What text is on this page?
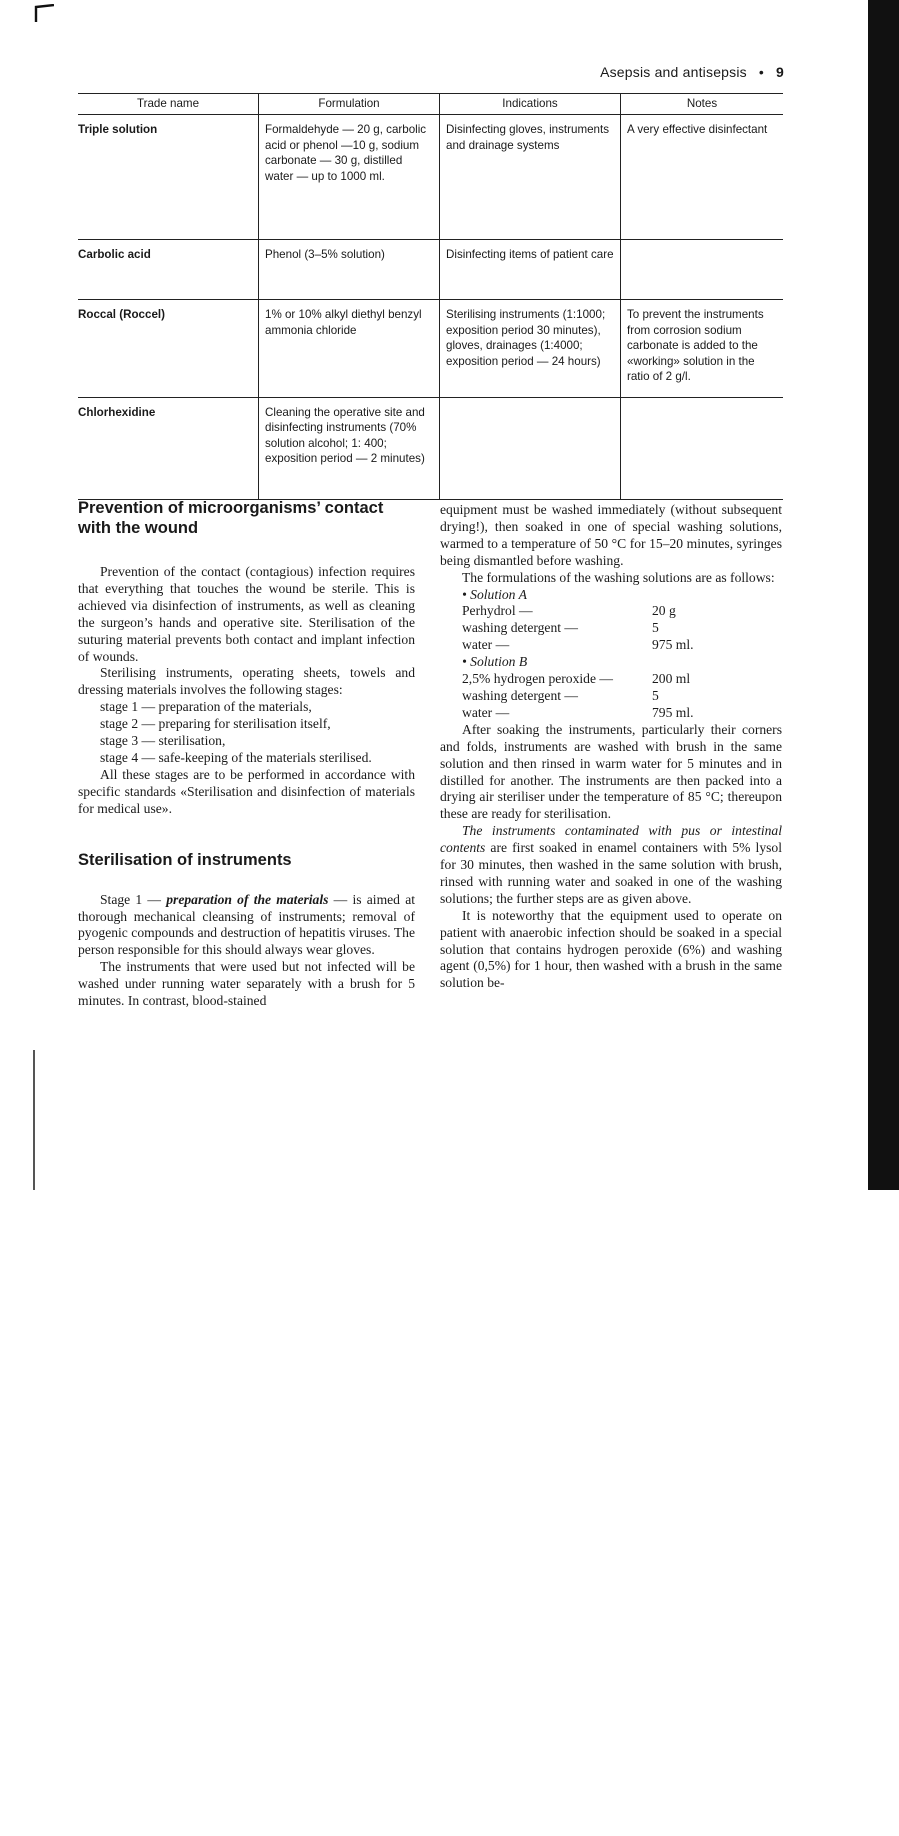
Asepsis and antisepsis • 9
Trade name	Formulation	Indications	Notes
Triple solution	Formaldehyde — 20 g, carbolic acid or phenol —10 g, sodium carbonate — 30 g, distilled water — up to 1000 ml.	Disinfecting gloves, instruments and drainage systems	A very effective disinfectant
Carbolic acid	Phenol (3–5% solution)	Disinfecting items of patient care	
Roccal (Roccel)	1% or 10% alkyl diethyl benzyl ammonia chloride	Sterilising instruments (1:1000; exposition period 30 minutes), gloves, drainages (1:4000; exposition period — 24 hours)	To prevent the instruments from corrosion sodium carbonate is added to the «working» solution in the ratio of 2 g/l.
Chlorhexidine	Cleaning the operative site and disinfecting instruments (70% solution alcohol; 1: 400; exposition period — 2 minutes)		
Prevention of microorganisms’ contact with the wound

Prevention of the contact (contagious) infection requires that everything that touches the wound be sterile. This is achieved via disinfection of instruments, as well as cleaning the surgeon’s hands and operative site. Sterilisation of the suturing material prevents both contact and implant infection of wounds.

Sterilising instruments, operating sheets, towels and dressing materials involves the following stages:

stage 1 — preparation of the materials,

stage 2 — preparing for sterilisation itself,

stage 3 — sterilisation,

stage 4 — safe-keeping of the materials sterilised.

All these stages are to be performed in accordance with specific standards «Sterilisation and disinfection of materials for medical use».

Sterilisation of instruments

Stage 1 — preparation of the materials — is aimed at thorough mechanical cleansing of instruments; removal of pyogenic compounds and destruction of hepatitis viruses. The person responsible for this should always wear gloves.

The instruments that were used but not infected will be washed under running water separately with a brush for 5 minutes. In contrast, blood-stained

equipment must be washed immediately (without subsequent drying!), then soaked in one of special washing solutions, warmed to a temperature of 50 °C for 15–20 minutes, syringes being dismantled before washing.

The formulations of the washing solutions are as follows:

• Solution A

Perhydrol —	20 g
washing detergent —	5
water —	975 ml.

• Solution B

2,5% hydrogen peroxide —	200 ml
washing detergent —	5
water —	795 ml.

After soaking the instruments, particularly their corners and folds, instruments are washed with brush in the same solution and then rinsed in warm water for 5 minutes and in distilled for another. The instruments are then packed into a drying air steriliser under the temperature of 85 °C; thereupon these are ready for sterilisation.

The instruments contaminated with pus or intestinal contents are first soaked in enamel containers with 5% lysol for 30 minutes, then washed in the same solution with brush, rinsed with running water and soaked in one of the washing solutions; the further steps are as given above.

It is noteworthy that the equipment used to operate on patient with anaerobic infection should be soaked in a special solution that contains hydrogen peroxide (6%) and washing agent (0,5%) for 1 hour, then washed with a brush in the same solution be-
